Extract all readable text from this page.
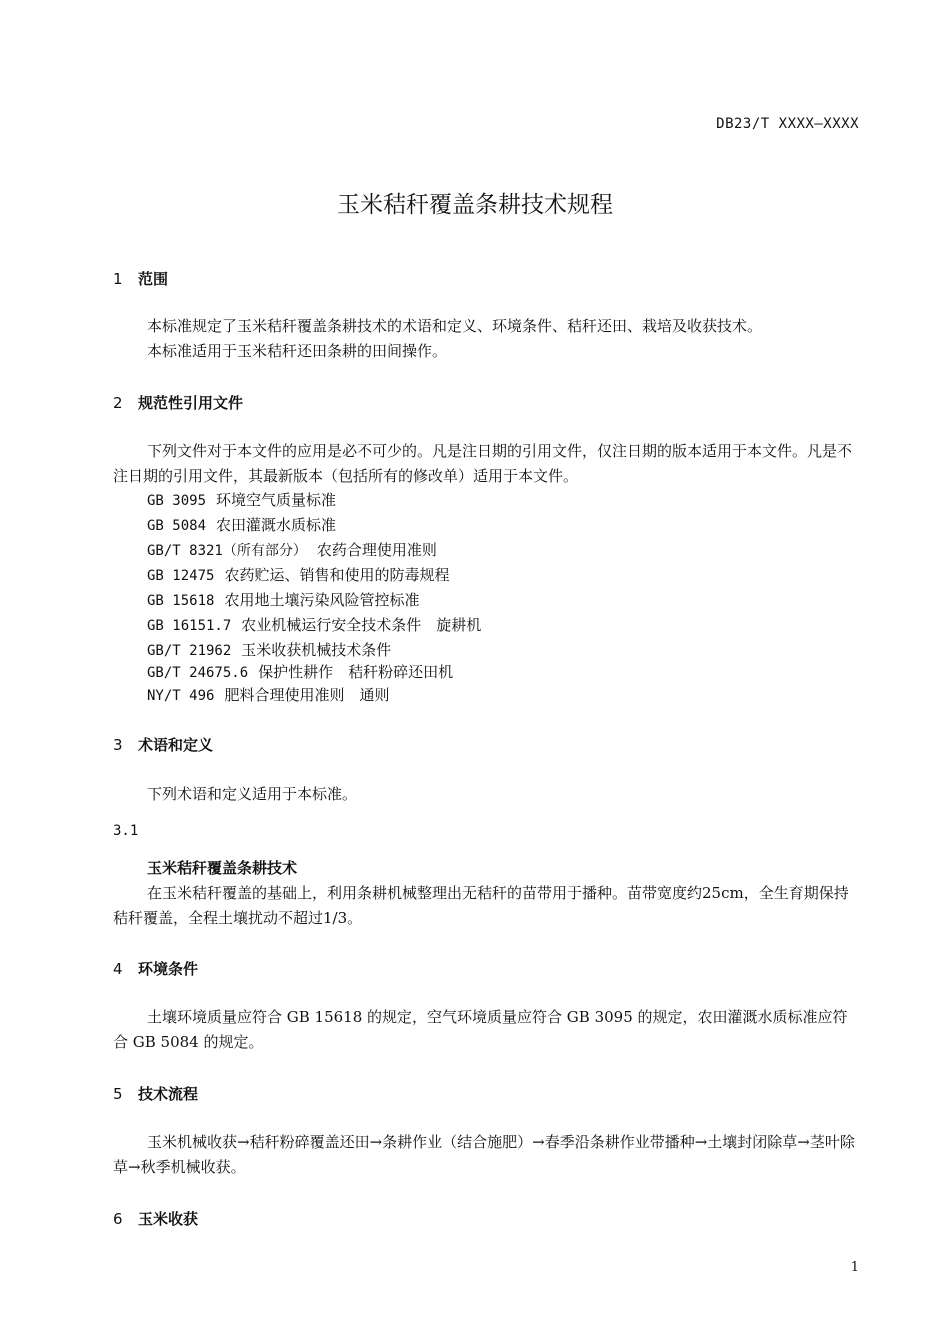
DB23/T XXXX—XXXX
玉米秸秆覆盖条耕技术规程
1 范围
本标准规定了玉米秸秆覆盖条耕技术的术语和定义、环境条件、秸秆还田、栽培及收获技术。
本标准适用于玉米秸秆还田条耕的田间操作。
2 规范性引用文件
下列文件对于本文件的应用是必不可少的。凡是注日期的引用文件，仅注日期的版本适用于本文件。凡是不注日期的引用文件，其最新版本（包括所有的修改单）适用于本文件。
GB 3095 环境空气质量标准
GB 5084 农田灌溉水质标准
GB/T 8321（所有部分） 农药合理使用准则
GB 12475 农药贮运、销售和使用的防毒规程
GB 15618 农用地土壤污染风险管控标准
GB 16151.7 农业机械运行安全技术条件　旋耕机
GB/T 21962 玉米收获机械技术条件
GB/T 24675.6 保护性耕作　秸秆粉碎还田机
NY/T 496 肥料合理使用准则　通则
3 术语和定义
下列术语和定义适用于本标准。
3.1
玉米秸秆覆盖条耕技术
在玉米秸秆覆盖的基础上，利用条耕机械整理出无秸秆的苗带用于播种。苗带宽度约25cm，全生育期保持秸秆覆盖，全程土壤扰动不超过1/3。
4 环境条件
土壤环境质量应符合 GB 15618 的规定，空气环境质量应符合 GB 3095 的规定，农田灌溉水质标准应符合 GB 5084 的规定。
5 技术流程
玉米机械收获→秸秆粉碎覆盖还田→条耕作业（结合施肥）→春季沿条耕作业带播种→土壤封闭除草→茎叶除草→秋季机械收获。
6 玉米收获
1
